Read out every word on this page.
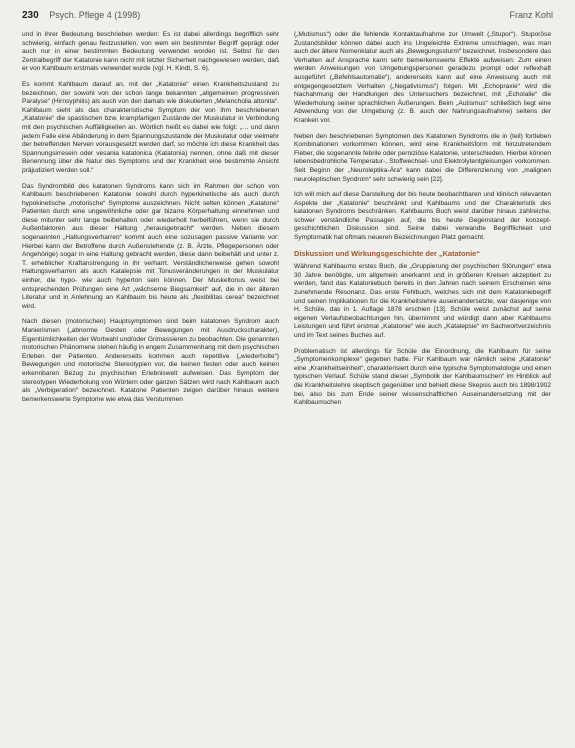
230 Psych. Pflege 4 (1998)	Franz Kohl

und in ihrer Bedeutung beschrieben werden: Es ist dabei allerdings begrifflich sehr schwierig, einfach genau festzustellen, von wem ein bestimmter Begriff geprägt oder auch nur in einer bestimmten Bedeutung verwendet worden ist. Selbst für den Zentralbegriff der Katatonie kann nicht mit letzter Sicherheit nachgewiesen werden, daß er von Kahlbaum erstmals verwendet wurde (vgl. H. Kindt, S. 6).

Es kommt Kahlbaum darauf an, mit der „Katatonie“ einen Krankheitszustand zu bezeichnen, der sowohl von der schon lange bekannten „allgemeinen progressiven Paralyse“ (Hirnsyphilis) als auch von den damals wie diskutierten „Melancholia attonita“. Kahlbaum sieht als das charakteristische Symptom der von ihm beschriebenen „Katatonie“ die spastischen bzw. krampfartigen Zustände der Muskulatur in Verbindung mit den psychischen Auffälligkeiten an. Wörtlich heißt es dabei wie folgt: „… und dann jedem Falle eine Abänderung in dem Spannungszustande der Muskulatur oder vielmehr der betreffenden Nerven vorausgesetzt werden darf, so möchte ich diese Krankheit das Spannungsirresein oder vesania katatonica (Katatonia) nennen, ohne daß mit dieser Benennung über die Natur des Symptoms und der Krankheit eine bestimmte Ansicht präjudiziert werden soll.“

Das Syndrombild des katatonen Syndroms kann sich im Rahmen der schon von Kahlbaum beschriebenen Katatonie sowohl durch hyperkinetische als auch durch hypokinetische „motorische“ Symptome auszeichnen. Nicht selten können „Katatone“ Patienten durch eine ungewöhnliche oder gar bizarre Körperhaltung einnehmen und diese mitunter sehr lange beibehalten oder wiederholt herbeiführen, wenn sie durch Außenfaktoren aus dieser Haltung „herausgebracht“ werden. Neben diesem sogenannten „Haltungsverharren“ kommt auch eine sozusagen passive Variante vor: Hierbei kann der Betroffene durch Außenstehende (z. B. Ärzte, Pflegepersonen oder Angehörige) sogar in eine Haltung gebracht werden, diese dann beibehält und unter z. T. erheblicher Kraftanstrengung in ihr verharrt. Verständlicherweise gehen sowohl Haltungsverharren als auch Katalepsie mit Tonusveränderungen in der Muskulatur einher, die hypo- wie auch hyperton sein können. Der Muskeltonus weist bei entsprechenden Prüfungen eine Art „wächserne Biegsamkeit“ auf, die in der älteren Literatur und in Anlehnung an Kahlbaum bis heute als „flexibilitas cerea“ bezeichnet wird.

Nach diesen (motorischen) Hauptsymptomen sind beim katatonen Syndrom auch Manierismen („abnorme Gesten oder Bewegungen mit Ausdruckscharakter), Eigentümlichkeiten der Wortwahl und/oder Grimassieren zu beobachten. Die genannten motorischen Phänomene stehen häufig in engem Zusammenhang mit dem psychischen Erleben der Patienten. Andererseits kommen auch repetitive („wiederholte“) Bewegungen und motorische Stereotypien vor, die keinen festen oder auch keinen erkennbaren Bezug zu psychischen Erlebniswelt aufweisen. Das Symptom der stereotypen Wiederholung von Wörtern oder ganzen Sätzen wird nach Kahlbaum auch als „Verbigeration“ bezeichnet. Katatone Patienten zeigen darüber hinaus weitere bemerkenswerte Symptome wie etwa das Verstummen

(„Mutismus“) oder die fehlende Kontaktaufnahme zur Umwelt („Stupor“). Stuporöse Zustandsbilder können dabei auch ins Ungeleichte Extreme umschlagen, was man auch der ältere Nomenklatur auch als „Bewegungssturm“ bezeichnet. Insbesondere das Verhalten auf Ansprache kann sehr bemerkenswerte Effekte aufweisen: Zum einen werden Anweisungen von Umgebungspersonen geradezu prompt oder reflexhaft ausgeführt („Befehlsautomatie“), andererseits kann auf eine Anweisung auch mit entgegengesetztem Verhalten („Negativismus“) folgen. Mit „Echopraxie“ wird die Nachahmung der Handlungen des Untersuchers bezeichnet, mit „Echolalie“ die Wiederholung seiner sprachlichen Äußerungen. Beim „Autismus“ schließlich liegt eine Abwendung von der Umgebung (z. B. auch der Nahrungsaufnahme) seitens der Kranken vor.

Neben den beschriebenen Symptomen des Katatonen Syndroms die in (teil) fortleben Kombinationen vorkommen können, wird eine Krankheitsform mit hinzutretendem Fieber, die sogenannte febrile oder perniziöse Katatonie, unterschieden. Hierbei können lebensbedrohliche Temperatur-, Stoffwechsel- und Elektrolytentgleisungen vorkommen. Seit Beginn der „Neuroleptika-Ära“ kann dabei die Differenzierung von „malignen neuroleptischen Syndrom“ sehr schwierig sein [22].

Ich will mich auf diese Darstellung der bis heute beobachtbaren und klinisch relevanten Aspekte der „Katatonie“ beschränkt und Kahlbaums und der Charakteristik des katatonen Syndroms beschränken. Kahlbaums Buch weist darüber hinaus zahlreiche, schwer verständliche Passagen auf, die bis heute Gegenstand der konzept-geschichtlichen Diskussion sind. Seine dabei verwandte Begrifflichkeit und Symptomatik hat oftmals neueren Bezeichnungen Platz gemacht.

Diskussion und Wirkungsgeschichte der „Katatonie“

Während Kahlbaums erstes Buch, die „Gruppierung der psychischen Störungen“ etwa 30 Jahre benötigte, um allgemein anerkannt und in größeren Kreisen akzeptiert zu werden, fand das Katatoniebuch bereits in den Jahren nach seinem Erscheinen eine zunehmende Resonanz. Das erste Fehlbuch, welches sich mit dem Katatoniebegriff und seinen Implikationen für die Krankheitslehre auseinandersetzte, war dasjenige von H. Schüle, das in 1. Auflage 1878 erschien [13]. Schüle weist zunächst auf seine eigenen Verlaufsbeobachtungen hin, übernimmt und würdigt dann aber Kahlbaums Leistungen und führt erstmal „Katatonie“ wie auch „Katalepsie“ im Sachwortverzeichnis und im Text seines Buches auf.

Problematisch ist allerdings für Schüle die Einordnung, die Kahlbaum für seine „Symptomenkomplexe“ gegeben hatte. Für Kahlbaum war nämlich seine „Katatonie“ eine „Krankheitseinheit“, charakterisiert durch eine typische Symptomatologie und einen typischen Verlauf. Schüle stand dieser „Symbolik der Kahlbaumschen“ im Hinblick auf die Krankheitslehre skeptisch gegenüber und behielt diese Skepsis auch bis 1898/1902 bei, also bis zum Ende seiner wissenschaftlichen Auseinandersetzung mit der Kahlbaumschen
